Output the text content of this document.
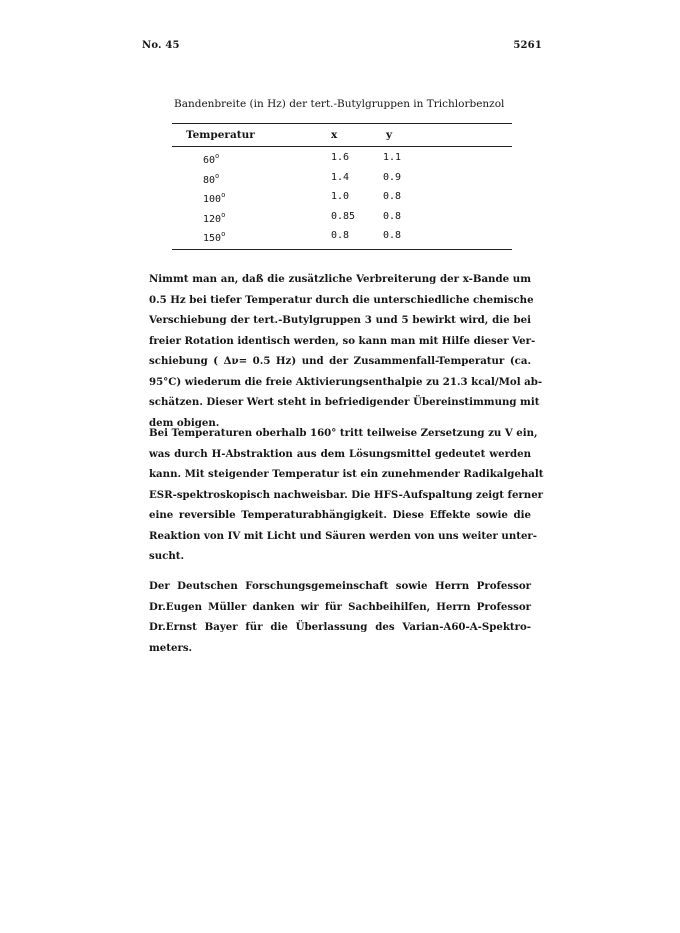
No. 45	5261
Bandenbreite (in Hz) der tert.-Butylgruppen in Trichlorbenzol
Temperatur	x	y
60$^o$	1.6	1.1
80$^o$	1.4	0.9
100$^o$	1.0	0.8
120$^o$	0.85	0.8
150$^o$	0.8	0.8
Nimmt man an, daß die zusätzliche Verbreiterung der x-Bande um
0.5 Hz bei tiefer Temperatur durch die unterschiedliche chemische
Verschiebung der tert.-Butylgruppen 3 und 5 bewirkt wird, die bei
freier Rotation identisch werden, so kann man mit Hilfe dieser Ver-
schiebung ( Δν= 0.5 Hz) und der Zusammenfall-Temperatur (ca.
95°C) wiederum die freie Aktivierungsenthalpie zu 21.3 kcal/Mol ab-
schätzen. Dieser Wert steht in befriedigender Übereinstimmung mit
dem obigen.
Bei Temperaturen oberhalb 160° tritt teilweise Zersetzung zu V ein,
was durch H-Abstraktion aus dem Lösungsmittel gedeutet werden
kann. Mit steigender Temperatur ist ein zunehmender Radikalgehalt
ESR-spektroskopisch nachweisbar. Die HFS-Aufspaltung zeigt ferner
eine reversible Temperaturabhängigkeit. Diese Effekte sowie die
Reaktion von IV mit Licht und Säuren werden von uns weiter unter-
sucht.
Der Deutschen Forschungsgemeinschaft sowie Herrn Professor
Dr.Eugen Müller danken wir für Sachbeihilfen, Herrn Professor
Dr.Ernst Bayer für die Überlassung des Varian-A60-A-Spektro-
meters.
